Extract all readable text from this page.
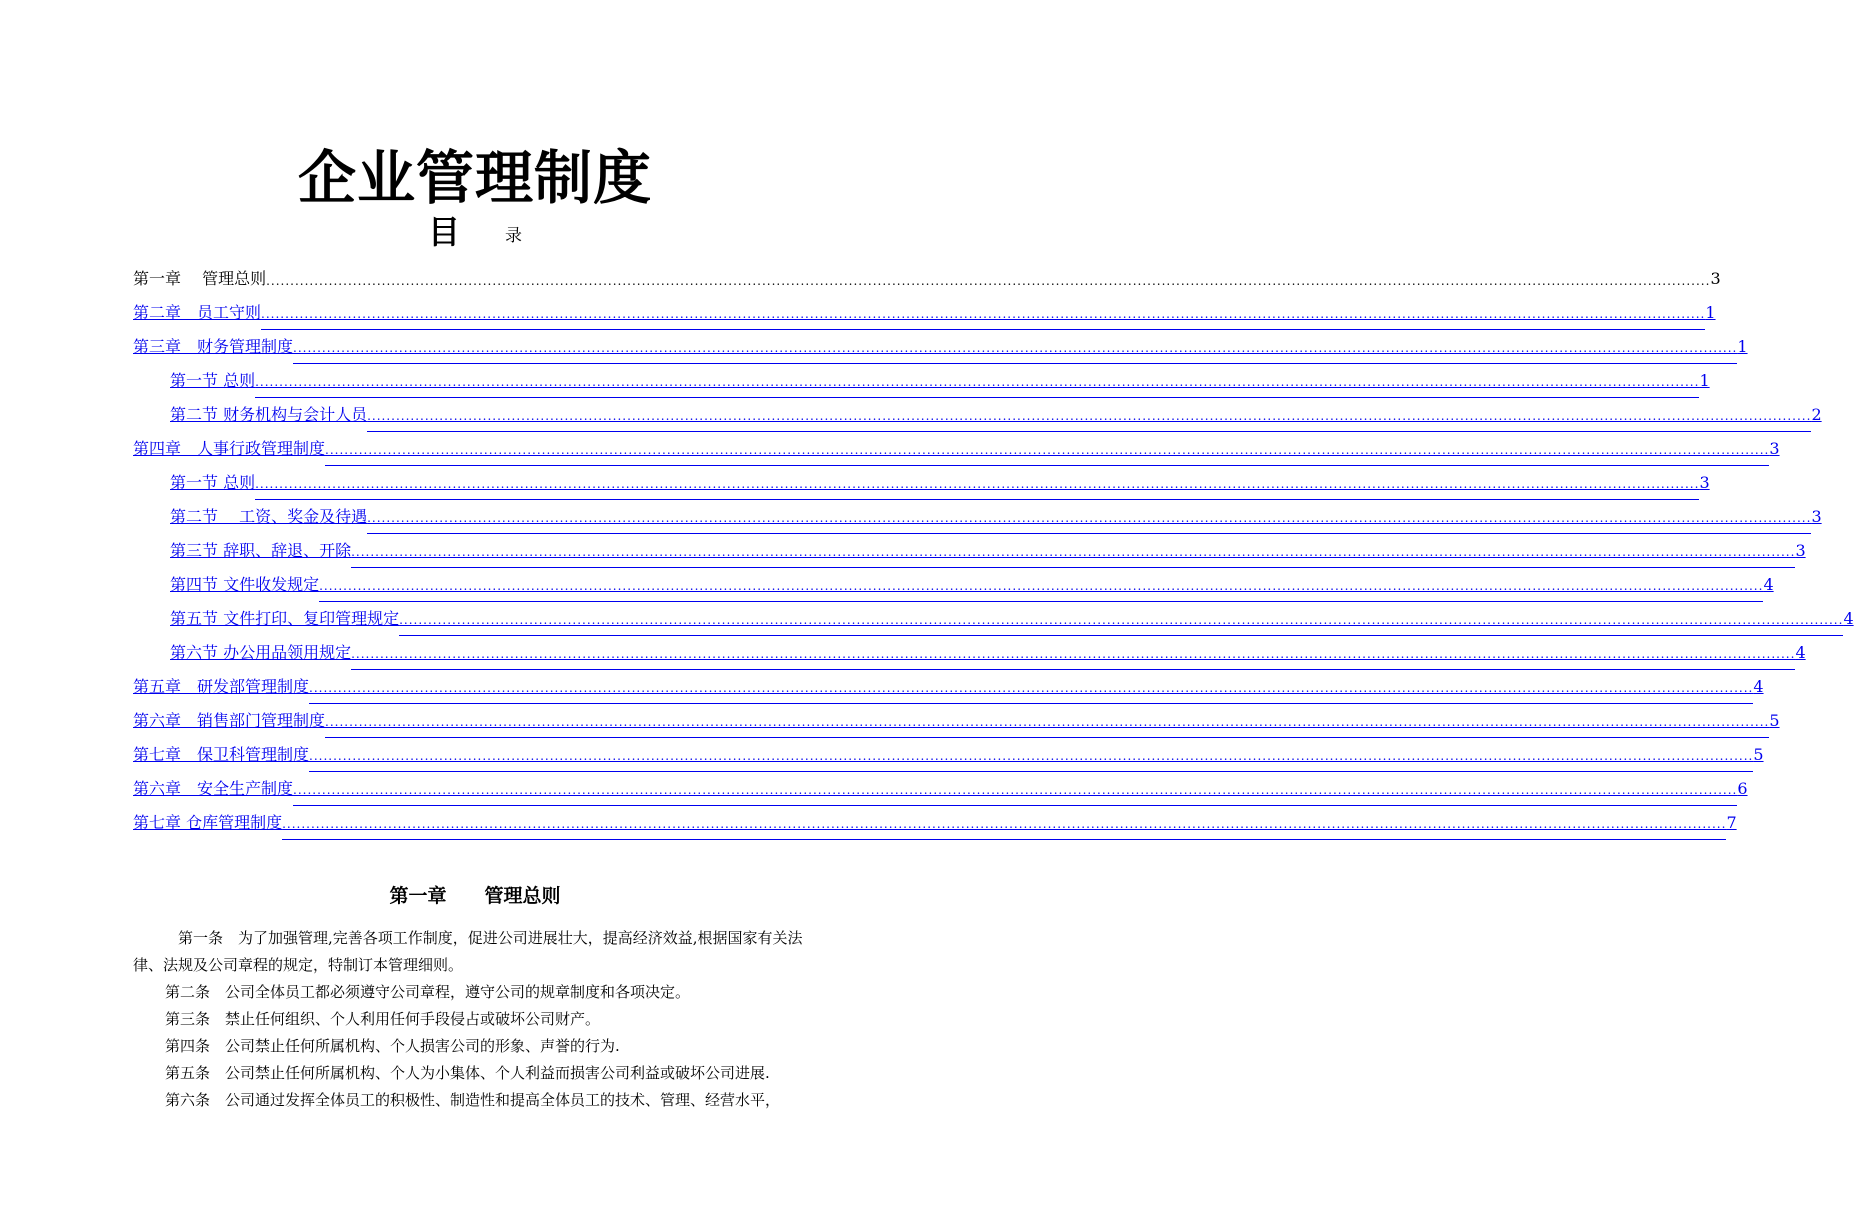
企业管理制度
目	录
第一章　 管理总则 ............................................................................................................................................................................................................................................................................................................ 3
第二章　员工守则 ............................................................................................................................................................................................................................................................................................................ 1
第三章　财务管理制度 ............................................................................................................................................................................................................................................................................................................ 1
第一节 总则 ............................................................................................................................................................................................................................................................................................................ 1
第二节 财务机构与会计人员 ............................................................................................................................................................................................................................................................................................................ 2
第四章　人事行政管理制度 ............................................................................................................................................................................................................................................................................................................ 3
第一节 总则 ............................................................................................................................................................................................................................................................................................................ 3
第二节 　工资、奖金及待遇 ............................................................................................................................................................................................................................................................................................................ 3
第三节 辞职、辞退、开除 ............................................................................................................................................................................................................................................................................................................ 3
第四节 文件收发规定 ............................................................................................................................................................................................................................................................................................................ 4
第五节 文件打印、复印管理规定 ............................................................................................................................................................................................................................................................................................................ 4
第六节 办公用品领用规定 ............................................................................................................................................................................................................................................................................................................ 4
第五章　研发部管理制度 ............................................................................................................................................................................................................................................................................................................ 4
第六章　销售部门管理制度 ............................................................................................................................................................................................................................................................................................................ 5
第七章　保卫科管理制度 ............................................................................................................................................................................................................................................................................................................ 5
第六章　安全生产制度 ............................................................................................................................................................................................................................................................................................................ 6
第七章 仓库管理制度 ............................................................................................................................................................................................................................................................................................................ 7
第一章　　管理总则

第一条　为了加强管理,完善各项工作制度，促进公司进展壮大，提高经济效益,根据国家有关法律、法规及公司章程的规定，特制订本管理细则。

第二条　公司全体员工都必须遵守公司章程，遵守公司的规章制度和各项决定。

第三条　禁止任何组织、个人利用任何手段侵占或破坏公司财产。

第四条　公司禁止任何所属机构、个人损害公司的形象、声誉的行为.

第五条　公司禁止任何所属机构、个人为小集体、个人利益而损害公司利益或破坏公司进展.

第六条　公司通过发挥全体员工的积极性、制造性和提高全体员工的技术、管理、经营水平，
